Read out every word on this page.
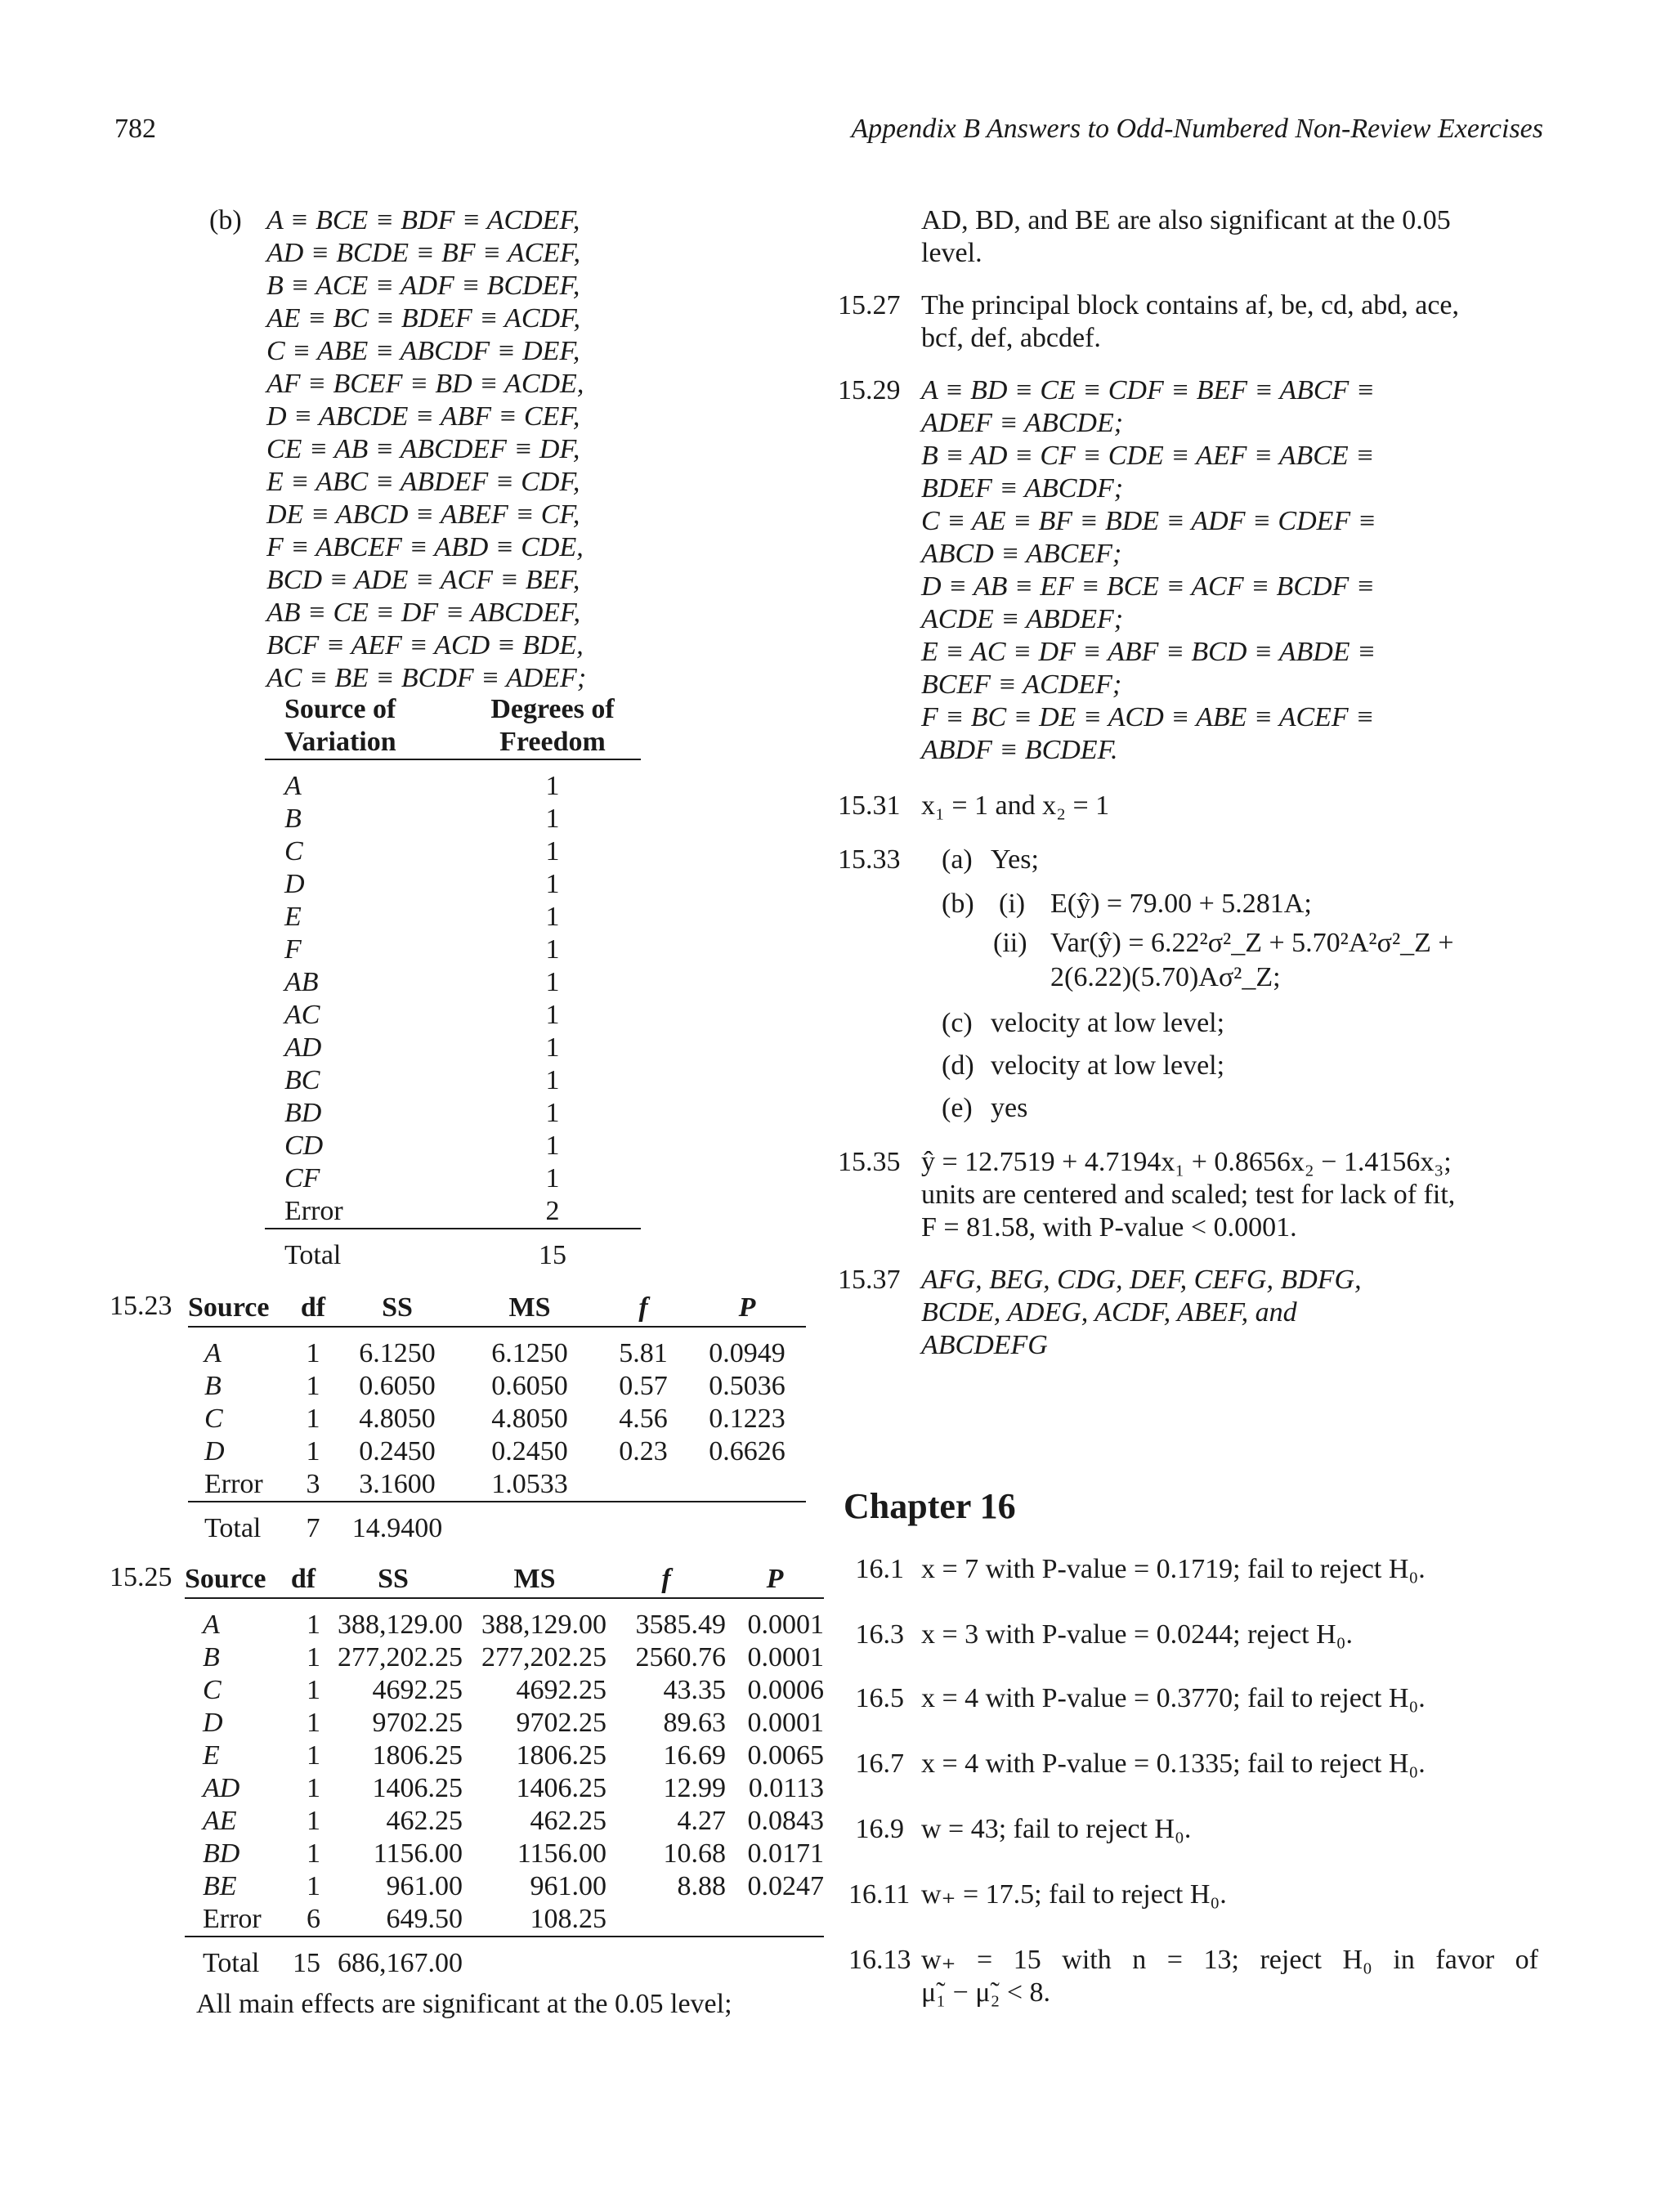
782	Appendix B Answers to Odd-Numbered Non-Review Exercises
(b) A ≡ BCE ≡ BDF ≡ ACDEF,
AD ≡ BCDE ≡ BF ≡ ACEF,
B ≡ ACE ≡ ADF ≡ BCDEF,
AE ≡ BC ≡ BDEF ≡ ACDF,
C ≡ ABE ≡ ABCDF ≡ DEF,
AF ≡ BCEF ≡ BD ≡ ACDE,
D ≡ ABCDE ≡ ABF ≡ CEF,
CE ≡ AB ≡ ABCDEF ≡ DF,
E ≡ ABC ≡ ABDEF ≡ CDF,
DE ≡ ABCD ≡ ABEF ≡ CF,
F ≡ ABCEF ≡ ABD ≡ CDE,
BCD ≡ ADE ≡ ACF ≡ BEF,
AB ≡ CE ≡ DF ≡ ABCDEF,
BCF ≡ AEF ≡ ACD ≡ BDE,
AC ≡ BE ≡ BCDF ≡ ADEF;
Source of
Variation	Degrees of
Freedom
A	1
B	1
C	1
D	1
E	1
F	1
AB	1
AC	1
AD	1
BC	1
BD	1
CD	1
CF	1
Error	2
Total	15
15.23 Source	df	SS	MS	f	P
A	1	6.1250	6.1250	5.81	0.0949
B	1	0.6050	0.6050	0.57	0.5036
C	1	4.8050	4.8050	4.56	0.1223
D	1	0.2450	0.2450	0.23	0.6626
Error	3	3.1600	1.0533		
Total	7	14.9400			
15.25 Source	df	SS	MS	f	P
A	1	388,129.00	388,129.00	3585.49	0.0001
B	1	277,202.25	277,202.25	2560.76	0.0001
C	1	4692.25	4692.25	43.35	0.0006
D	1	9702.25	9702.25	89.63	0.0001
E	1	1806.25	1806.25	16.69	0.0065
AD	1	1406.25	1406.25	12.99	0.0113
AE	1	462.25	462.25	4.27	0.0843
BD	1	1156.00	1156.00	10.68	0.0171
BE	1	961.00	961.00	8.88	0.0247
Error	6	649.50	108.25		
Total	15	686,167.00			
All main effects are significant at the 0.05 level;
AD, BD, and BE are also significant at the 0.05
level.
15.27 The principal block contains af, be, cd, abd, ace,
bcf, def, abcdef.
15.29 A ≡ BD ≡ CE ≡ CDF ≡ BEF ≡ ABCF ≡
ADEF ≡ ABCDE;
B ≡ AD ≡ CF ≡ CDE ≡ AEF ≡ ABCE ≡
BDEF ≡ ABCDF;
C ≡ AE ≡ BF ≡ BDE ≡ ADF ≡ CDEF ≡
ABCD ≡ ABCEF;
D ≡ AB ≡ EF ≡ BCE ≡ ACF ≡ BCDF ≡
ACDE ≡ ABDEF;
E ≡ AC ≡ DF ≡ ABF ≡ BCD ≡ ABDE ≡
BCEF ≡ ACDEF;
F ≡ BC ≡ DE ≡ ACD ≡ ABE ≡ ACEF ≡
ABDF ≡ BCDEF.
15.31 x₁ = 1 and x₂ = 1
15.33 (a) Yes;
(b) (i) E(ŷ) = 79.00 + 5.281A;
(ii) Var(ŷ) = 6.22²σ²_Z + 5.70²A²σ²_Z +
2(6.22)(5.70)Aσ²_Z;
(c) velocity at low level;
(d) velocity at low level;
(e) yes
15.35 ŷ = 12.7519 + 4.7194x₁ + 0.8656x₂ − 1.4156x₃;
units are centered and scaled; test for lack of fit,
F = 81.58, with P-value < 0.0001.
15.37 AFG, BEG, CDG, DEF, CEFG, BDFG,
BCDE, ADEG, ACDF, ABEF, and
ABCDEFG
Chapter 16
16.1 x = 7 with P-value = 0.1719; fail to reject H₀.
16.3 x = 3 with P-value = 0.0244; reject H₀.
16.5 x = 4 with P-value = 0.3770; fail to reject H₀.
16.7 x = 4 with P-value = 0.1335; fail to reject H₀.
16.9 w = 43; fail to reject H₀.
16.11 w₊ = 17.5; fail to reject H₀.
16.13 w₊ = 15 with n = 13; reject H₀ in favor of
μ̃₁ − μ̃₂ < 8.
